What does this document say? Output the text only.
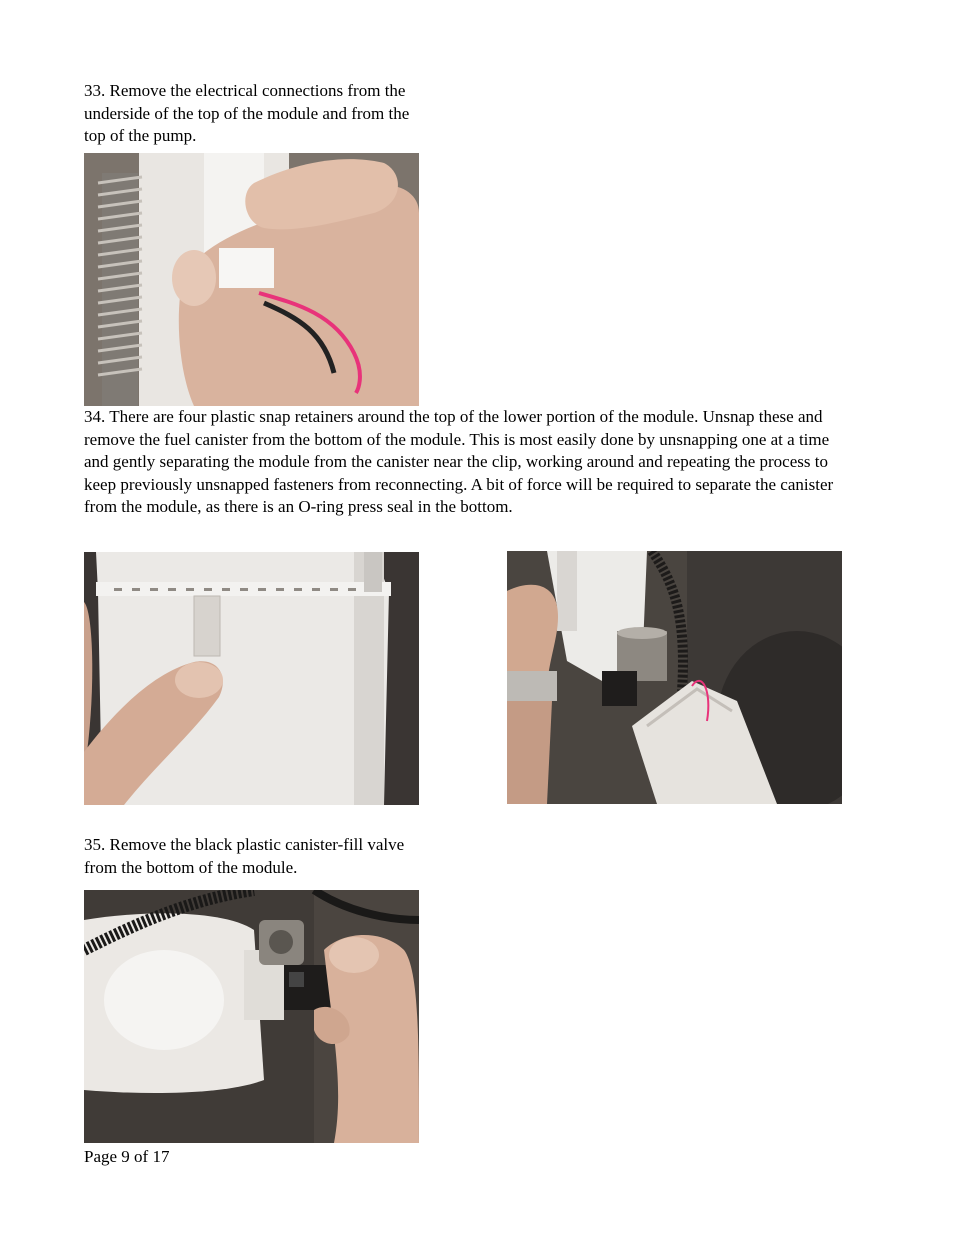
33. Remove the electrical connections from the underside of the top of the module and from the top of the pump.
34. There are four plastic snap retainers around the top of the lower portion of the module. Unsnap these and remove the fuel canister from the bottom of the module. This is most easily done by unsnapping one at a time and gently separating the module from the canister near the clip, working around and repeating the process to keep previously unsnapped fasteners from reconnecting. A bit of force will be required to separate the canister from the module, as there is an O-ring press seal in the bottom.
35. Remove the black plastic canister-fill valve from the bottom of the module.
Page 9 of 17
